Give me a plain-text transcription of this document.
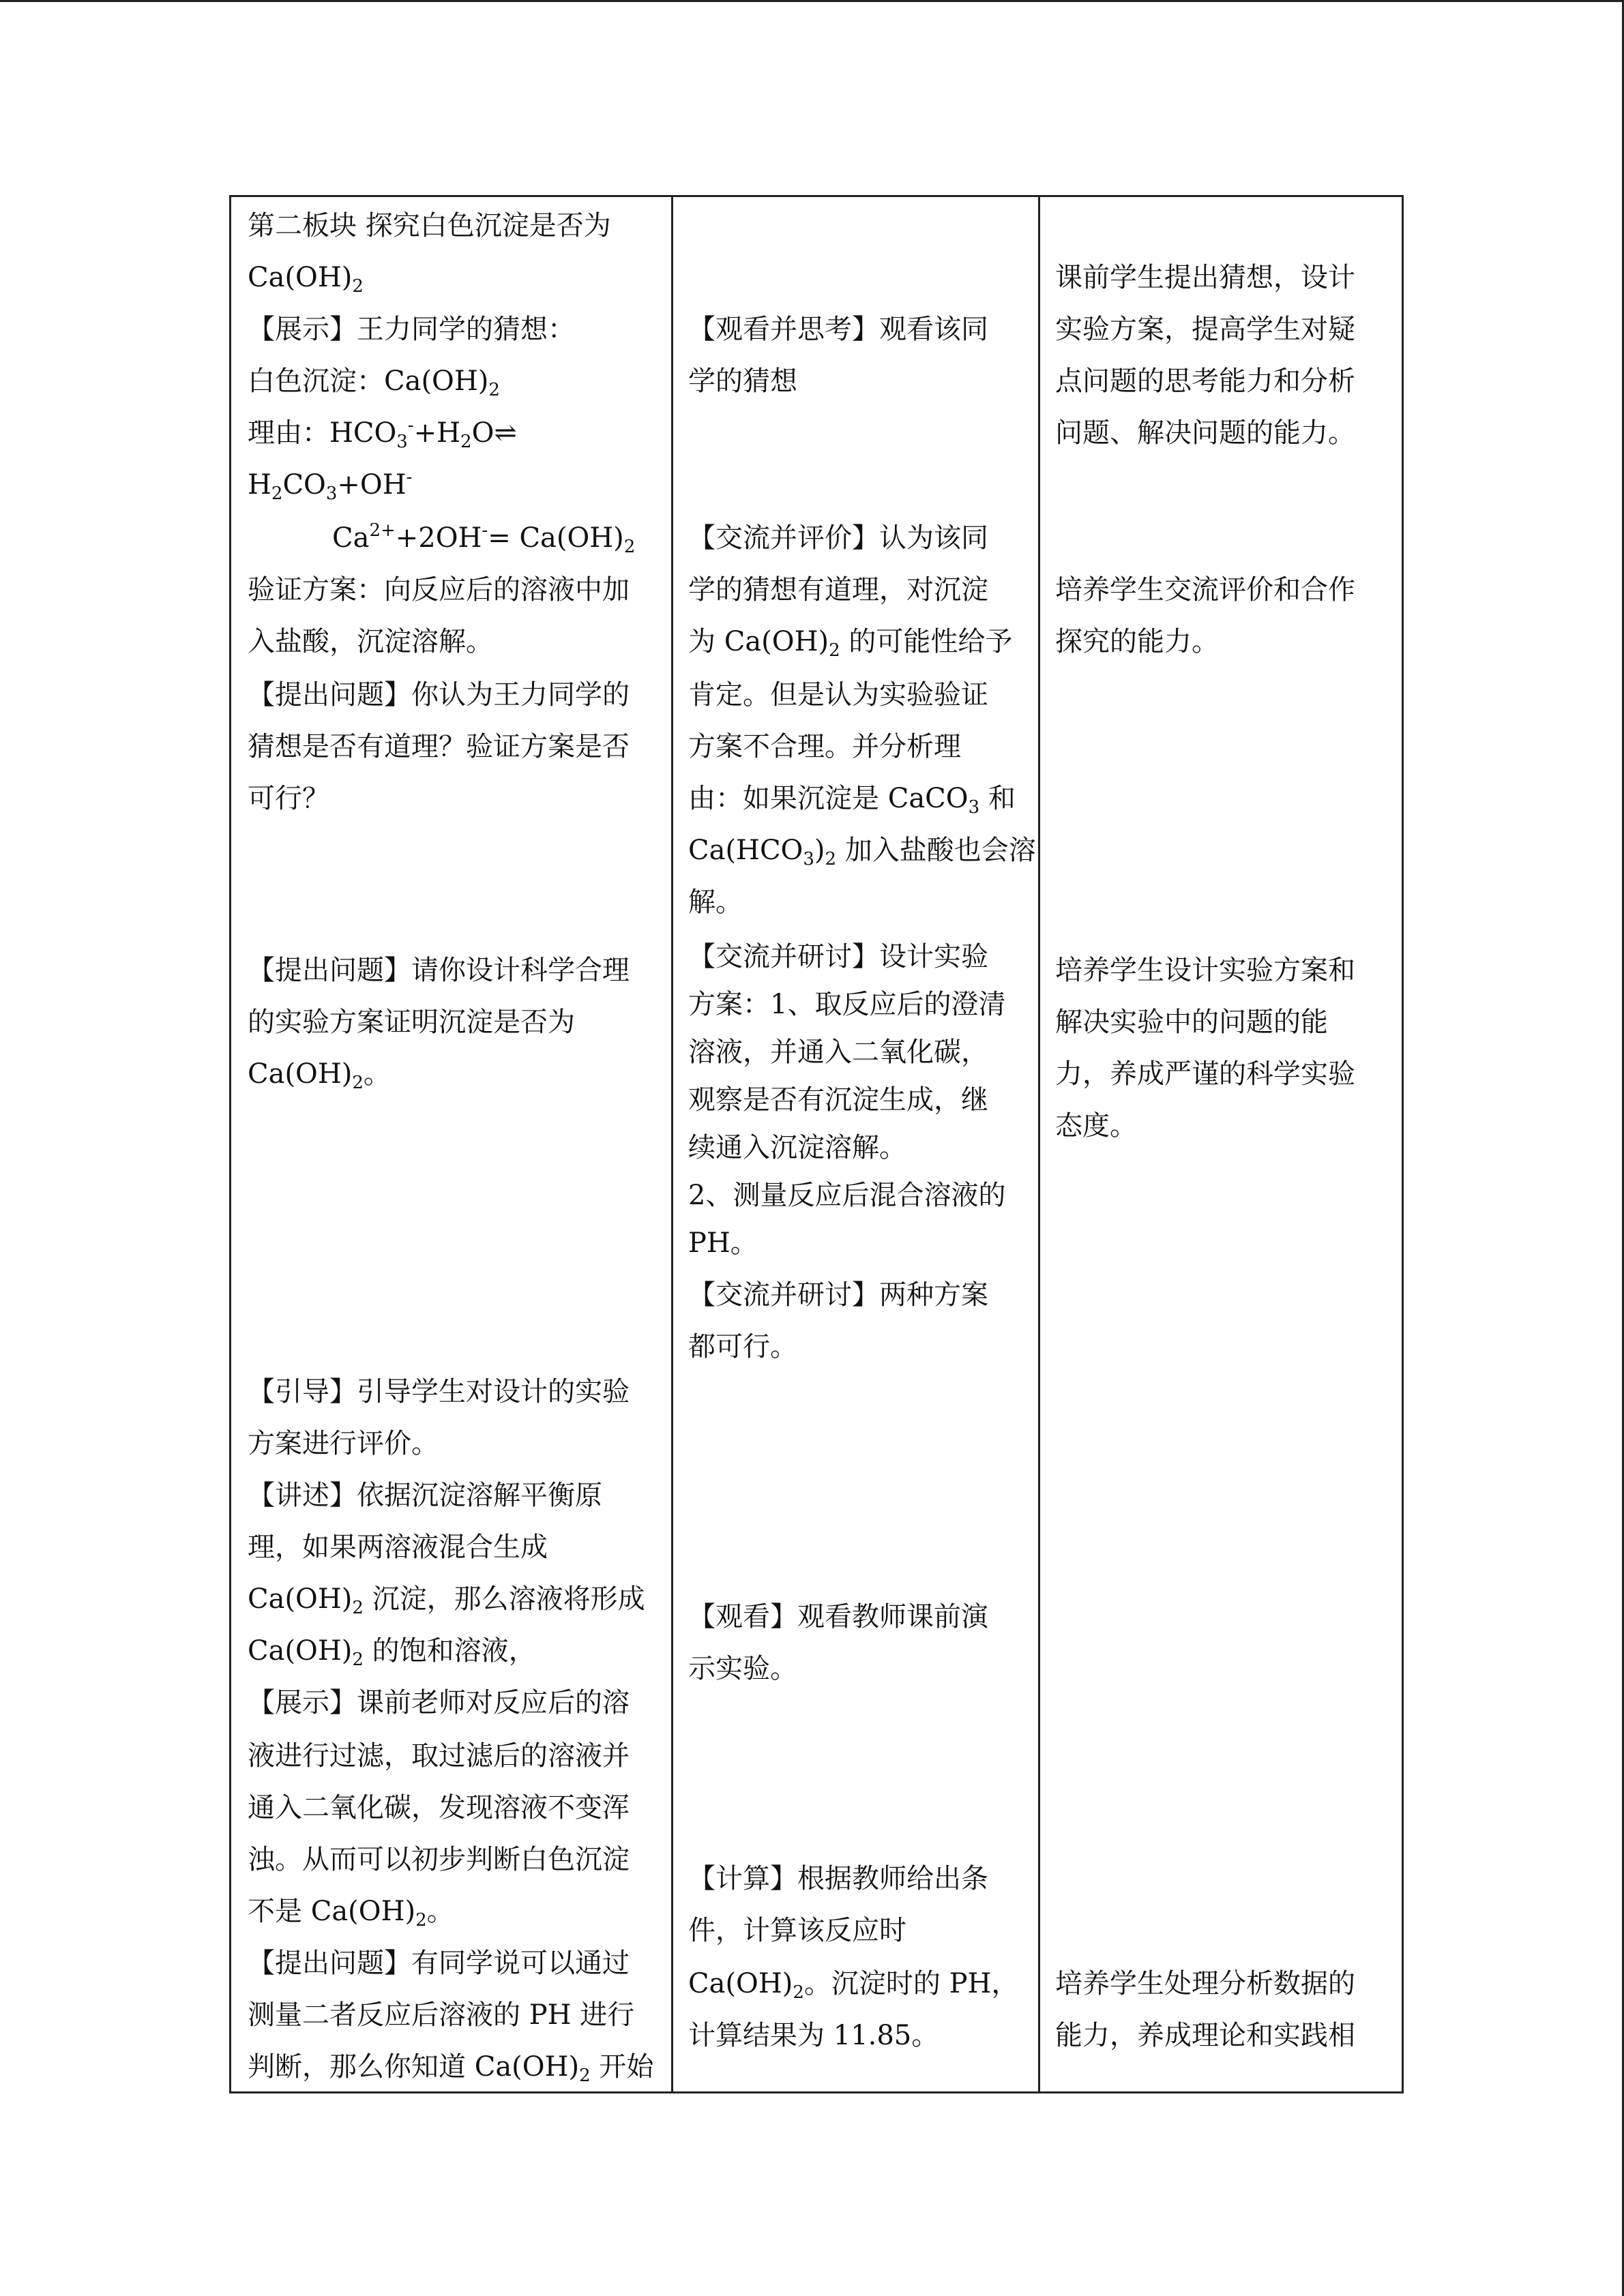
第二板块 探究白色沉淀是否为
$Ca(OH)_2$
【展示】王力同学的猜想：
白色沉淀：$Ca(OH)_2$
理由：$HCO_3^-+H_2O\rightleftharpoons$
$H_2CO_3+OH^-$
$Ca^{2+}+2OH^-= Ca(OH)_2$
验证方案：向反应后的溶液中加
入盐酸，沉淀溶解。
【提出问题】你认为王力同学的
猜想是否有道理？验证方案是否
可行？
【提出问题】请你设计科学合理
的实验方案证明沉淀是否为
$Ca(OH)_2$。
【引导】引导学生对设计的实验
方案进行评价。
【讲述】依据沉淀溶解平衡原
理，如果两溶液混合生成
$Ca(OH)_2$ 沉淀，那么溶液将形成
$Ca(OH)_2$ 的饱和溶液，
【展示】课前老师对反应后的溶
液进行过滤，取过滤后的溶液并
通入二氧化碳，发现溶液不变浑
浊。从而可以初步判断白色沉淀
不是 $Ca(OH)_2$。
【提出问题】有同学说可以通过
测量二者反应后溶液的 PH 进行
判断，那么你知道 $Ca(OH)_2$ 开始
【观看并思考】观看该同
学的猜想
【交流并评价】认为该同
学的猜想有道理，对沉淀
为 $Ca(OH)_2$ 的可能性给予
肯定。但是认为实验验证
方案不合理。并分析理
由：如果沉淀是 CaCO$_3$ 和
$Ca(HCO_3)_2$ 加入盐酸也会溶
解。
【交流并研讨】设计实验
方案：1、取反应后的澄清
溶液，并通入二氧化碳，
观察是否有沉淀生成，继
续通入沉淀溶解。
2、测量反应后混合溶液的
PH。
【交流并研讨】两种方案
都可行。
【观看】观看教师课前演
示实验。
【计算】根据教师给出条
件，计算该反应时
$Ca(OH)_2$。沉淀时的 PH，
计算结果为 11.85。
课前学生提出猜想，设计
实验方案，提高学生对疑
点问题的思考能力和分析
问题、解决问题的能力。
培养学生交流评价和合作
探究的能力。
培养学生设计实验方案和
解决实验中的问题的能
力，养成严谨的科学实验
态度。
培养学生处理分析数据的
能力，养成理论和实践相
